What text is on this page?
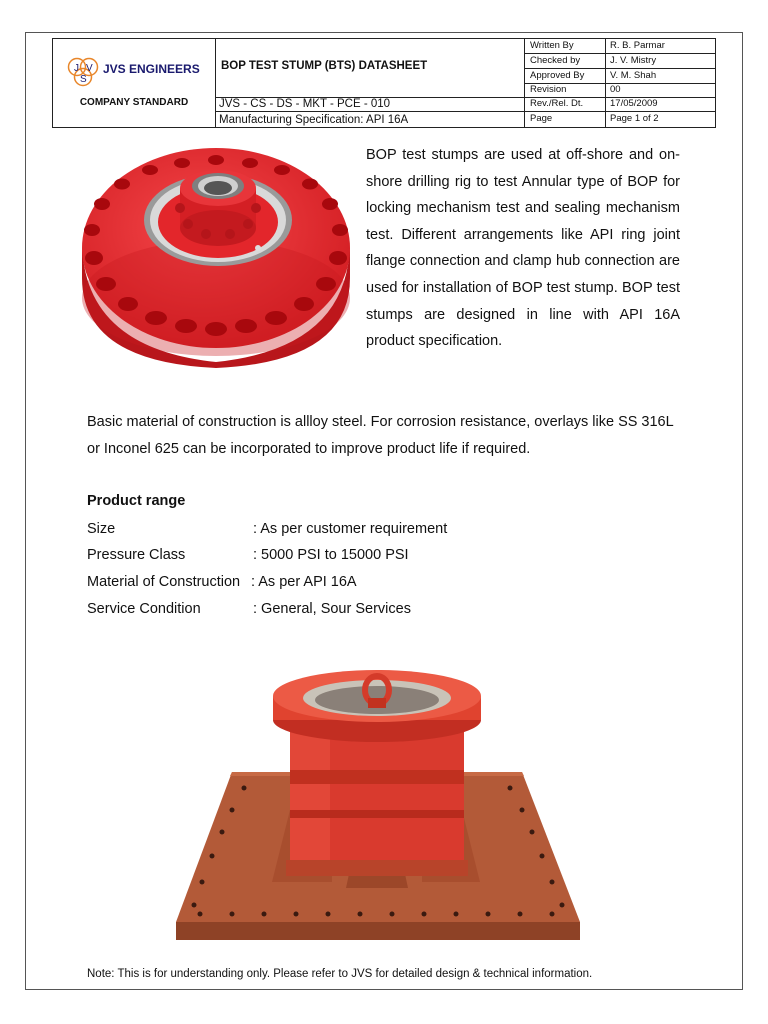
J V
S
JVS ENGINEERS
COMPANY STANDARD
BOP TEST STUMP (BTS) DATASHEET
JVS - CS - DS - MKT - PCE - 010
Manufacturing Specification: API 16A
Written By	R. B. Parmar
Checked by	J. V. Mistry
Approved By	V. M. Shah
Revision	00
Rev./Rel. Dt.	17/05/2009
Page	Page 1 of 2

BOP test stumps are used at off-shore and on-shore drilling rig to test Annular type of BOP for locking mechanism test and sealing mechanism test. Different arrangements like API ring joint flange connection and clamp hub connection are used for installation of BOP test stump. BOP test stumps are designed in line with API 16A product specification.

Basic material of construction is allloy steel. For corrosion resistance, overlays like SS 316L or Inconel 625 can be incorporated to improve product life if required.

Product range

Size	: As per customer requirement
Pressure Class	: 5000 PSI to 15000 PSI
Material of Construction : As per API 16A
Service Condition	: General, Sour Services
Note: This is for understanding only. Please refer to JVS for detailed design & technical information.
